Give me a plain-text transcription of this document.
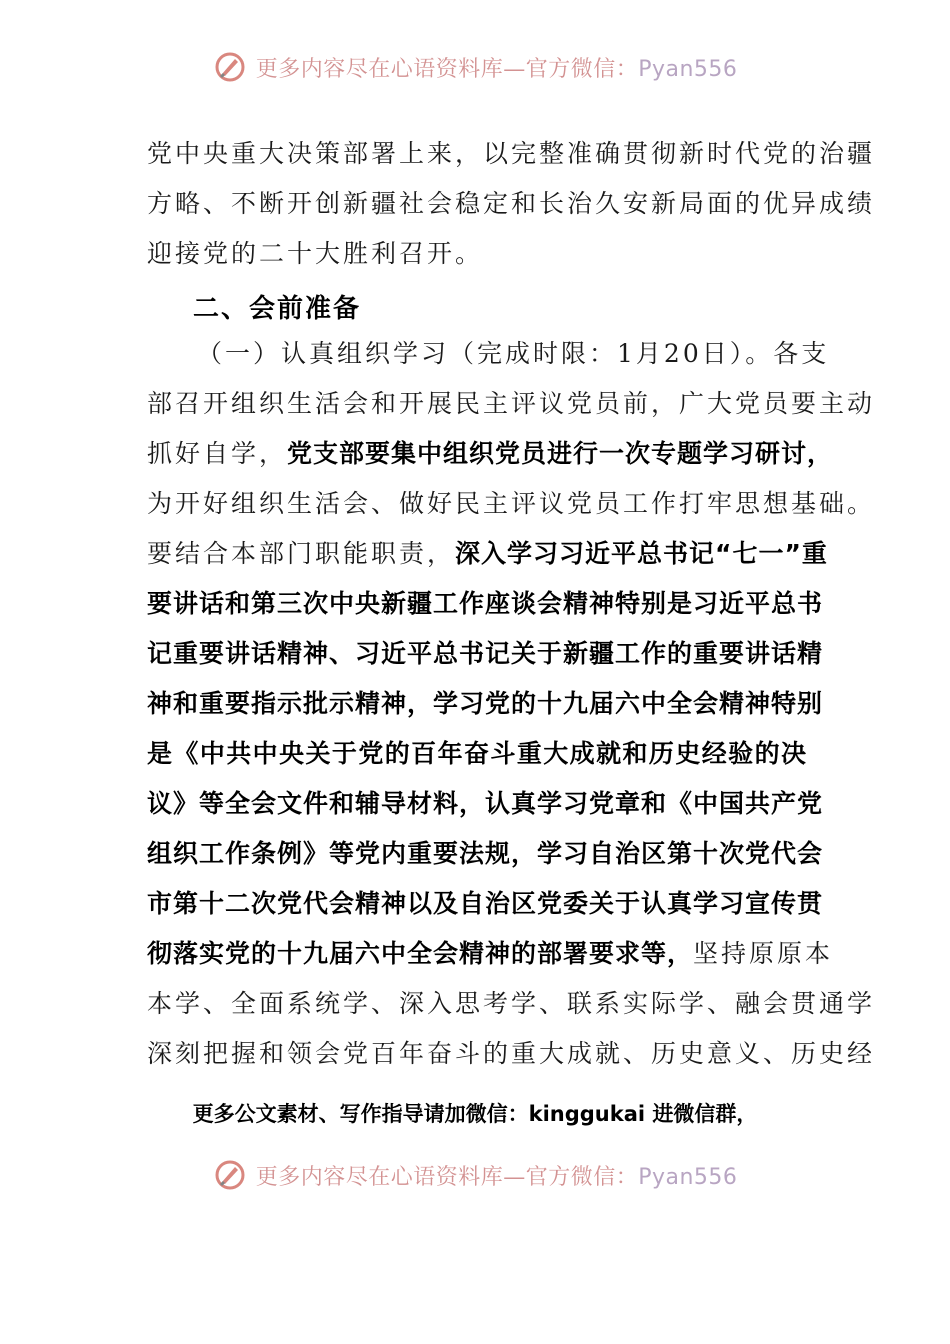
更多内容尽在心语资料库—官方微信：Pyan556
党中央重大决策部署上来，以完整准确贯彻新时代党的治疆
方略、不断开创新疆社会稳定和长治久安新局面的优异成绩
迎接党的二十大胜利召开。
二、会前准备
（一）认真组织学习（完成时限：1月20日）。各支
部召开组织生活会和开展民主评议党员前，广大党员要主动
抓好自学，党支部要集中组织党员进行一次专题学习研讨，
为开好组织生活会、做好民主评议党员工作打牢思想基础。
要结合本部门职能职责，深入学习习近平总书记“七一”重
要讲话和第三次中央新疆工作座谈会精神特别是习近平总书
记重要讲话精神、习近平总书记关于新疆工作的重要讲话精
神和重要指示批示精神，学习党的十九届六中全会精神特别
是《中共中央关于党的百年奋斗重大成就和历史经验的决
议》等全会文件和辅导材料，认真学习党章和《中国共产党
组织工作条例》等党内重要法规，学习自治区第十次党代会
市第十二次党代会精神以及自治区党委关于认真学习宣传贯
彻落实党的十九届六中全会精神的部署要求等，坚持原原本
本学、全面系统学、深入思考学、联系实际学、融会贯通学
深刻把握和领会党百年奋斗的重大成就、历史意义、历史经
更多公文素材、写作指导请加微信：kinggukai 进微信群，
更多内容尽在心语资料库—官方微信：Pyan556
